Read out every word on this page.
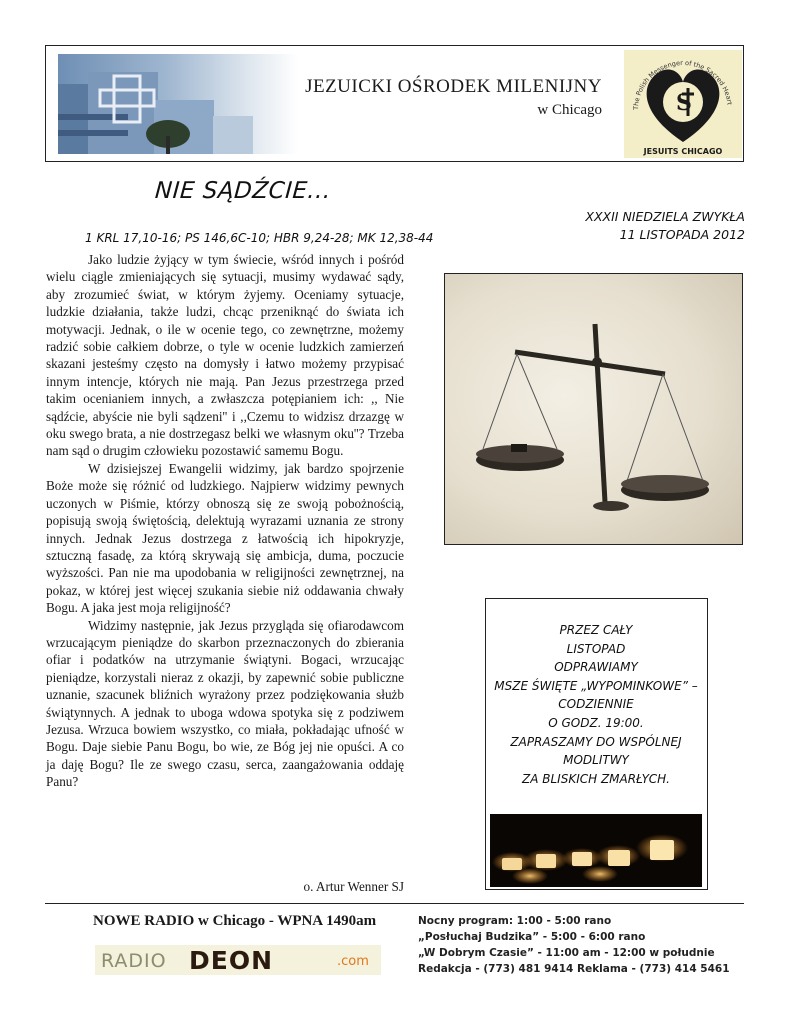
JEZUICKI OŚRODEK MILENIJNY
w Chicago	S
The Polish Messenger of the Sacred Heart
JESUITS CHICAGO
NIE SĄDŹCIE...
1 KRL 17,10-16; PS 146,6C-10; HBR 9,24-28; MK 12,38-44
XXXII NIEDZIELA ZWYKŁA
11 LISTOPADA 2012

Jako ludzie żyjący w tym świecie, wśród innych i pośród wielu ciągle zmieniających się sytuacji, musimy wydawać sądy, aby zrozumieć świat, w którym żyjemy. Oceniamy sytuacje, ludzkie działania, także ludzi, chcąc przeniknąć do świata ich motywacji. Jednak, o ile w ocenie tego, co zewnętrzne, możemy radzić sobie całkiem dobrze, o tyle w ocenie ludzkich zamierzeń skazani jesteśmy często na domysły i łatwo możemy przypisać innym intencje, których nie mają. Pan Jezus przestrzega przed takim ocenianiem innych, a zwłaszcza potępianiem ich: ,, Nie sądźcie, abyście nie byli sądzeni'' i ,,Czemu to widzisz drzazgę w oku swego brata, a nie dostrzegasz belki we własnym oku''? Trzeba nam sąd o drugim człowieku pozostawić samemu Bogu.

W dzisiejszej Ewangelii widzimy, jak bardzo spojrzenie Boże może się różnić od ludzkiego. Najpierw widzimy pewnych uczonych w Piśmie, którzy obnoszą się ze swoją pobożnością, popisują swoją świętością, delektują wyrazami uznania ze strony innych. Jednak Jezus dostrzega z łatwością ich hipokryzje, sztuczną fasadę, za którą skrywają się ambicja, duma, poczucie wyższości. Pan nie ma upodobania w religijności zewnętrznej, na pokaz, w której jest więcej szukania siebie niż oddawania chwały Bogu. A jaka jest moja religijność?

Widzimy następnie, jak Jezus przygląda się ofiarodawcom wrzucającym pieniądze do skarbon przeznaczonych do zbierania ofiar i podatków na utrzymanie świątyni. Bogaci, wrzucając pieniądze, korzystali nieraz z okazji, by zapewnić sobie publiczne uznanie, szacunek bliźnich wyrażony przez podziękowania służb świątynnych. A jednak to uboga wdowa spotyka się z podziwem Jezusa. Wrzuca bowiem wszystko, co miała, pokładając ufność w Bogu. Daje siebie Panu Bogu, bo wie, ze Bóg jej nie opuści. A co ja daję Bogu? Ile ze swego czasu, serca, zaangażowania oddaję Panu?

o. Artur Wenner SJ
PRZEZ CAŁY
LISTOPAD
ODPRAWIAMY
MSZE ŚWIĘTE „WYPOMINKOWE” –
CODZIENNIE
O GODZ. 19:00.
ZAPRASZAMY DO WSPÓLNEJ
MODLITWY
ZA BLISKICH ZMARŁYCH.
NOWE RADIO w Chicago - WPNA 1490am
RADIO DEON	.com
Nocny program: 1:00 - 5:00 rano
„Posłuchaj Budzika” - 5:00 - 6:00 rano
„W Dobrym Czasie” - 11:00 am - 12:00 w południe
Redakcja - (773) 481 9414 Reklama - (773) 414 5461
